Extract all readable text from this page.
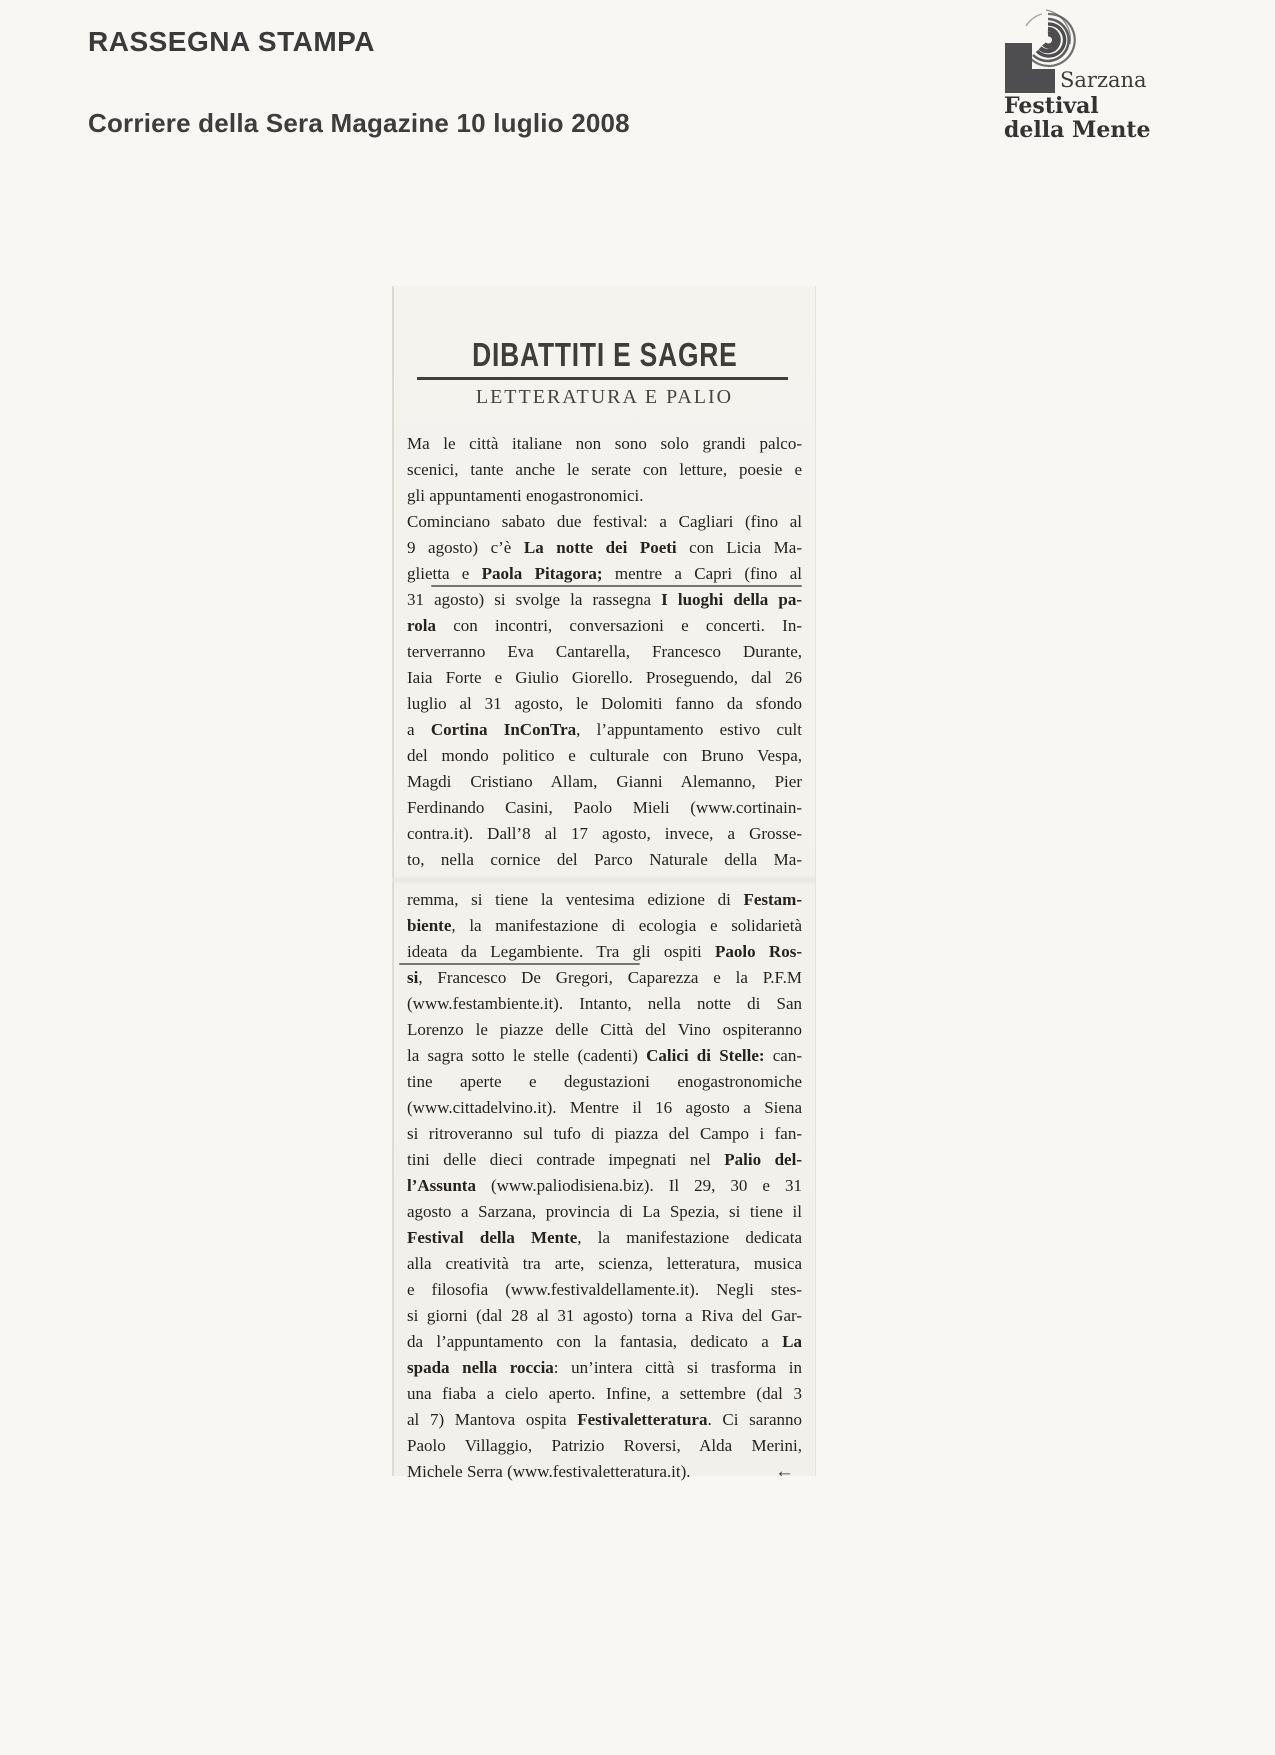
RASSEGNA STAMPA
Corriere della Sera Magazine 10 luglio 2008
Sarzana
Festival
della Mente
DIBATTITI E SAGRE
LETTERATURA E PALIO
Ma le città italiane non sono solo grandi palco-
scenici, tante anche le serate con letture, poesie e
gli appuntamenti enogastronomici.
Cominciano sabato due festival: a Cagliari (fino al
9 agosto) c’è La notte dei Poeti con Licia Ma-
glietta e Paola Pitagora; mentre a Capri (fino al
31 agosto) si svolge la rassegna I luoghi della pa-
rola con incontri, conversazioni e concerti. In-
terverranno Eva Cantarella, Francesco Durante,
Iaia Forte e Giulio Giorello. Proseguendo, dal 26
luglio al 31 agosto, le Dolomiti fanno da sfondo
a Cortina InConTra, l’appuntamento estivo cult
del mondo politico e culturale con Bruno Vespa,
Magdi Cristiano Allam, Gianni Alemanno, Pier
Ferdinando Casini, Paolo Mieli (www.cortinain-
contra.it). Dall’8 al 17 agosto, invece, a Grosse-
to, nella cornice del Parco Naturale della Ma-
remma, si tiene la ventesima edizione di Festam-
biente, la manifestazione di ecologia e solidarietà
ideata da Legambiente. Tra gli ospiti Paolo Ros-
si, Francesco De Gregori, Caparezza e la P.F.M
(www.festambiente.it). Intanto, nella notte di San
Lorenzo le piazze delle Città del Vino ospiteranno
la sagra sotto le stelle (cadenti) Calici di Stelle: can-
tine aperte e degustazioni enogastronomiche
(www.cittadelvino.it). Mentre il 16 agosto a Siena
si ritroveranno sul tufo di piazza del Campo i fan-
tini delle dieci contrade impegnati nel Palio del-
l’Assunta (www.paliodisiena.biz). Il 29, 30 e 31
agosto a Sarzana, provincia di La Spezia, si tiene il
Festival della Mente, la manifestazione dedicata
alla creatività tra arte, scienza, letteratura, musica
e filosofia (www.festivaldellamente.it). Negli stes-
si giorni (dal 28 al 31 agosto) torna a Riva del Gar-
da l’appuntamento con la fantasia, dedicato a La
spada nella roccia: un’intera città si trasforma in
una fiaba a cielo aperto. Infine, a settembre (dal 3
al 7) Mantova ospita Festivaletteratura. Ci saranno
Paolo Villaggio, Patrizio Roversi, Alda Merini,
Michele Serra (www.festivaletteratura.it).	←
